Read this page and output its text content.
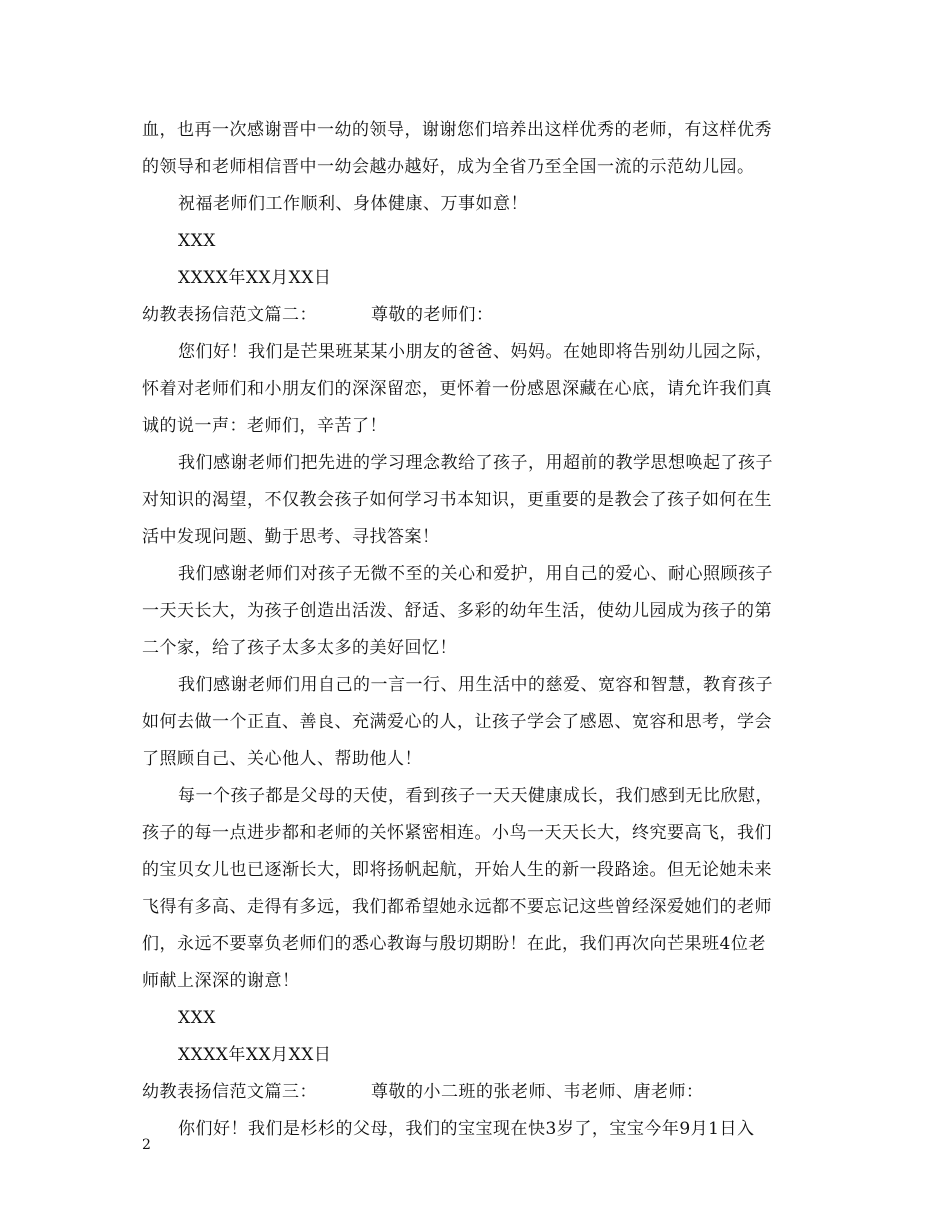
血，也再一次感谢晋中一幼的领导，谢谢您们培养出这样优秀的老师，有这样优秀
的领导和老师相信晋中一幼会越办越好，成为全省乃至全国一流的示范幼儿园。
祝福老师们工作顺利、身体健康、万事如意！
XXX
XXXX年XX月XX日
幼教表扬信范文篇二：	尊敬的老师们：
您们好！我们是芒果班某某小朋友的爸爸、妈妈。在她即将告别幼儿园之际，
怀着对老师们和小朋友们的深深留恋，更怀着一份感恩深藏在心底，请允许我们真
诚的说一声：老师们，辛苦了！
我们感谢老师们把先进的学习理念教给了孩子，用超前的教学思想唤起了孩子
对知识的渴望，不仅教会孩子如何学习书本知识，更重要的是教会了孩子如何在生
活中发现问题、勤于思考、寻找答案！
我们感谢老师们对孩子无微不至的关心和爱护，用自己的爱心、耐心照顾孩子
一天天长大，为孩子创造出活泼、舒适、多彩的幼年生活，使幼儿园成为孩子的第
二个家，给了孩子太多太多的美好回忆！
我们感谢老师们用自己的一言一行、用生活中的慈爱、宽容和智慧，教育孩子
如何去做一个正直、善良、充满爱心的人，让孩子学会了感恩、宽容和思考，学会
了照顾自己、关心他人、帮助他人！
每一个孩子都是父母的天使，看到孩子一天天健康成长，我们感到无比欣慰，
孩子的每一点进步都和老师的关怀紧密相连。小鸟一天天长大，终究要高飞，我们
的宝贝女儿也已逐渐长大，即将扬帆起航，开始人生的新一段路途。但无论她未来
飞得有多高、走得有多远，我们都希望她永远都不要忘记这些曾经深爱她们的老师
们，永远不要辜负老师们的悉心教诲与殷切期盼！在此，我们再次向芒果班4位老
师献上深深的谢意！
XXX
XXXX年XX月XX日
幼教表扬信范文篇三：	尊敬的小二班的张老师、韦老师、唐老师：
你们好！我们是杉杉的父母，我们的宝宝现在快3岁了，宝宝今年9月1日入
2
